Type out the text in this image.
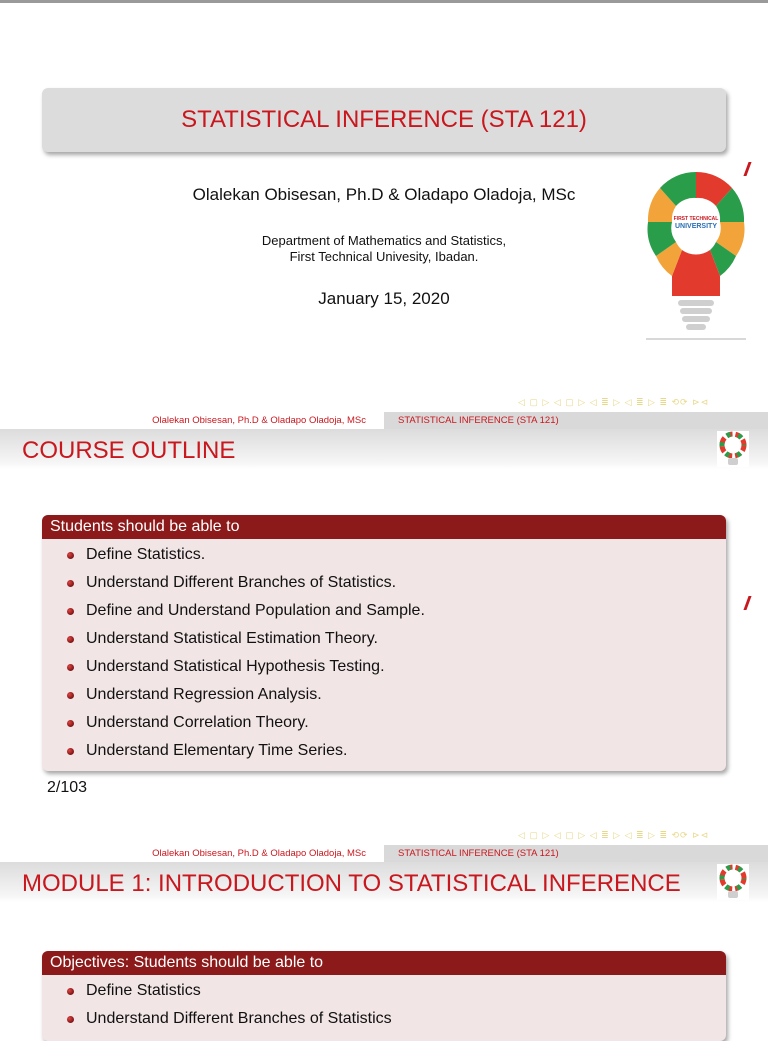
STATISTICAL INFERENCE (STA 121)
Olalekan Obisesan, Ph.D & Oladapo Oladoja, MSc
Department of Mathematics and Statistics,
First Technical Univesity, Ibadan.
January 15, 2020
FIRST TECHNICAL
UNIVERSITY
◁ ▢ ▷ ◁ ▢ ▷ ◁ ≣ ▷ ◁ ≣ ▷ ≣ ⟲⟳ ⊳⊲
Olalekan Obisesan, Ph.D & Oladapo Oladoja, MSc	STATISTICAL INFERENCE (STA 121)
COURSE OUTLINE
Students should be able to
Define Statistics.
Understand Different Branches of Statistics.
Define and Understand Population and Sample.
Understand Statistical Estimation Theory.
Understand Statistical Hypothesis Testing.
Understand Regression Analysis.
Understand Correlation Theory.
Understand Elementary Time Series.
2/103
◁ ▢ ▷ ◁ ▢ ▷ ◁ ≣ ▷ ◁ ≣ ▷ ≣ ⟲⟳ ⊳⊲
Olalekan Obisesan, Ph.D & Oladapo Oladoja, MSc	STATISTICAL INFERENCE (STA 121)
MODULE 1: INTRODUCTION TO STATISTICAL INFERENCE
Objectives: Students should be able to
Define Statistics
Understand Different Branches of Statistics
